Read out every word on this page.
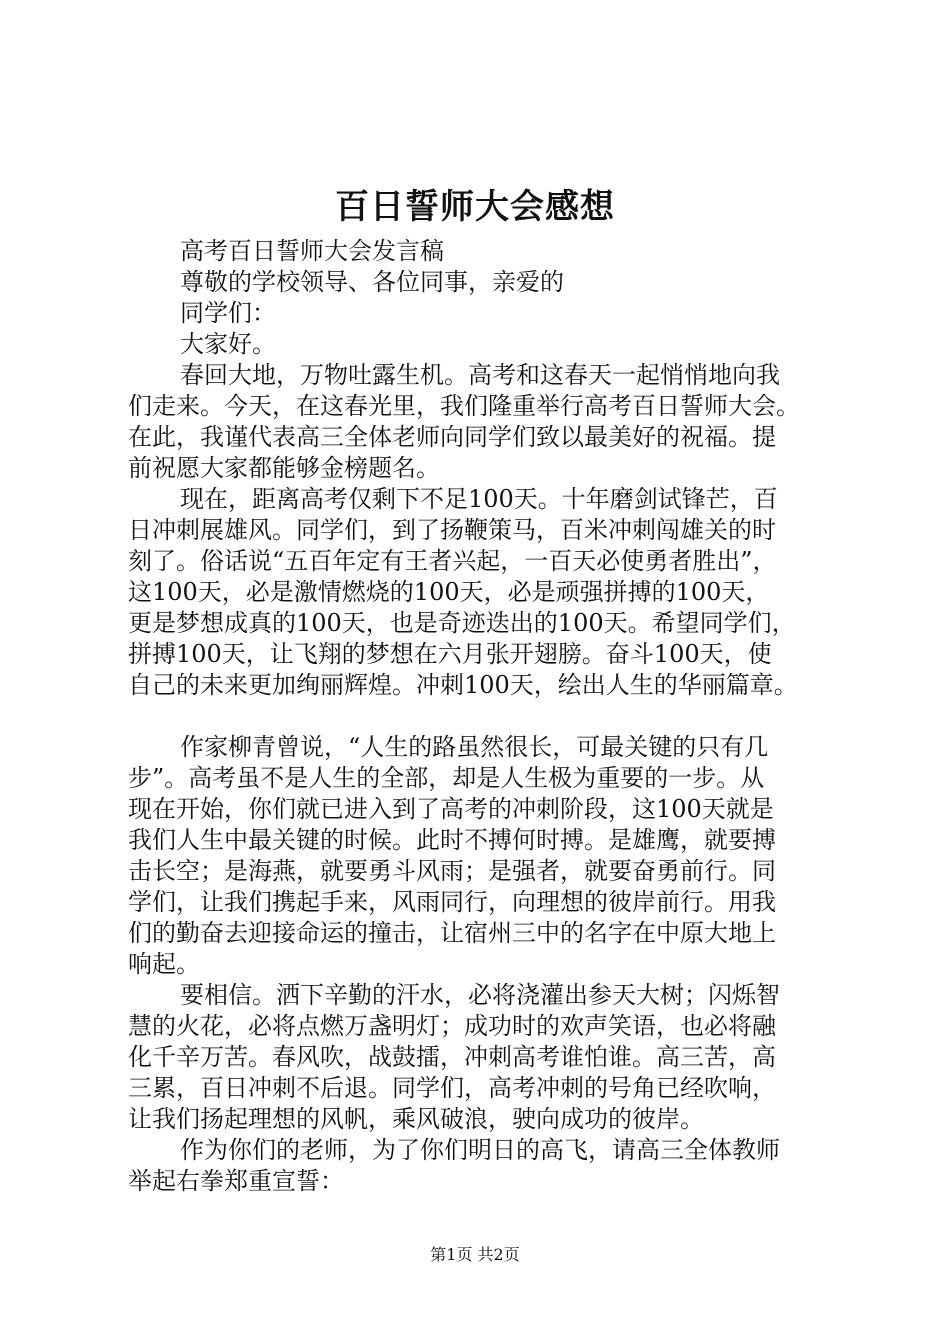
百日誓师大会感想
高考百日誓师大会发言稿
尊敬的学校领导、各位同事，亲爱的
同学们：
大家好。
春回大地，万物吐露生机。高考和这春天一起悄悄地向我
们走来。今天，在这春光里，我们隆重举行高考百日誓师大会。
在此，我谨代表高三全体老师向同学们致以最美好的祝福。提
前祝愿大家都能够金榜题名。
现在，距离高考仅剩下不足100天。十年磨剑试锋芒，百
日冲刺展雄风。同学们，到了扬鞭策马，百米冲刺闯雄关的时
刻了。俗话说“五百年定有王者兴起，一百天必使勇者胜出”，
这100天，必是激情燃烧的100天，必是顽强拼搏的100天，
更是梦想成真的100天，也是奇迹迭出的100天。希望同学们，
拼搏100天，让飞翔的梦想在六月张开翅膀。奋斗100天，使
自己的未来更加绚丽辉煌。冲刺100天，绘出人生的华丽篇章。
作家柳青曾说，“人生的路虽然很长，可最关键的只有几
步”。高考虽不是人生的全部，却是人生极为重要的一步。从
现在开始，你们就已进入到了高考的冲刺阶段，这100天就是
我们人生中最关键的时候。此时不搏何时搏。是雄鹰，就要搏
击长空；是海燕，就要勇斗风雨；是强者，就要奋勇前行。同
学们，让我们携起手来，风雨同行，向理想的彼岸前行。用我
们的勤奋去迎接命运的撞击，让宿州三中的名字在中原大地上
响起。
要相信。洒下辛勤的汗水，必将浇灌出参天大树；闪烁智
慧的火花，必将点燃万盏明灯；成功时的欢声笑语，也必将融
化千辛万苦。春风吹，战鼓擂，冲刺高考谁怕谁。高三苦，高
三累，百日冲刺不后退。同学们，高考冲刺的号角已经吹响，
让我们扬起理想的风帆，乘风破浪，驶向成功的彼岸。
作为你们的老师，为了你们明日的高飞，请高三全体教师
举起右拳郑重宣誓：
第1页 共2页
